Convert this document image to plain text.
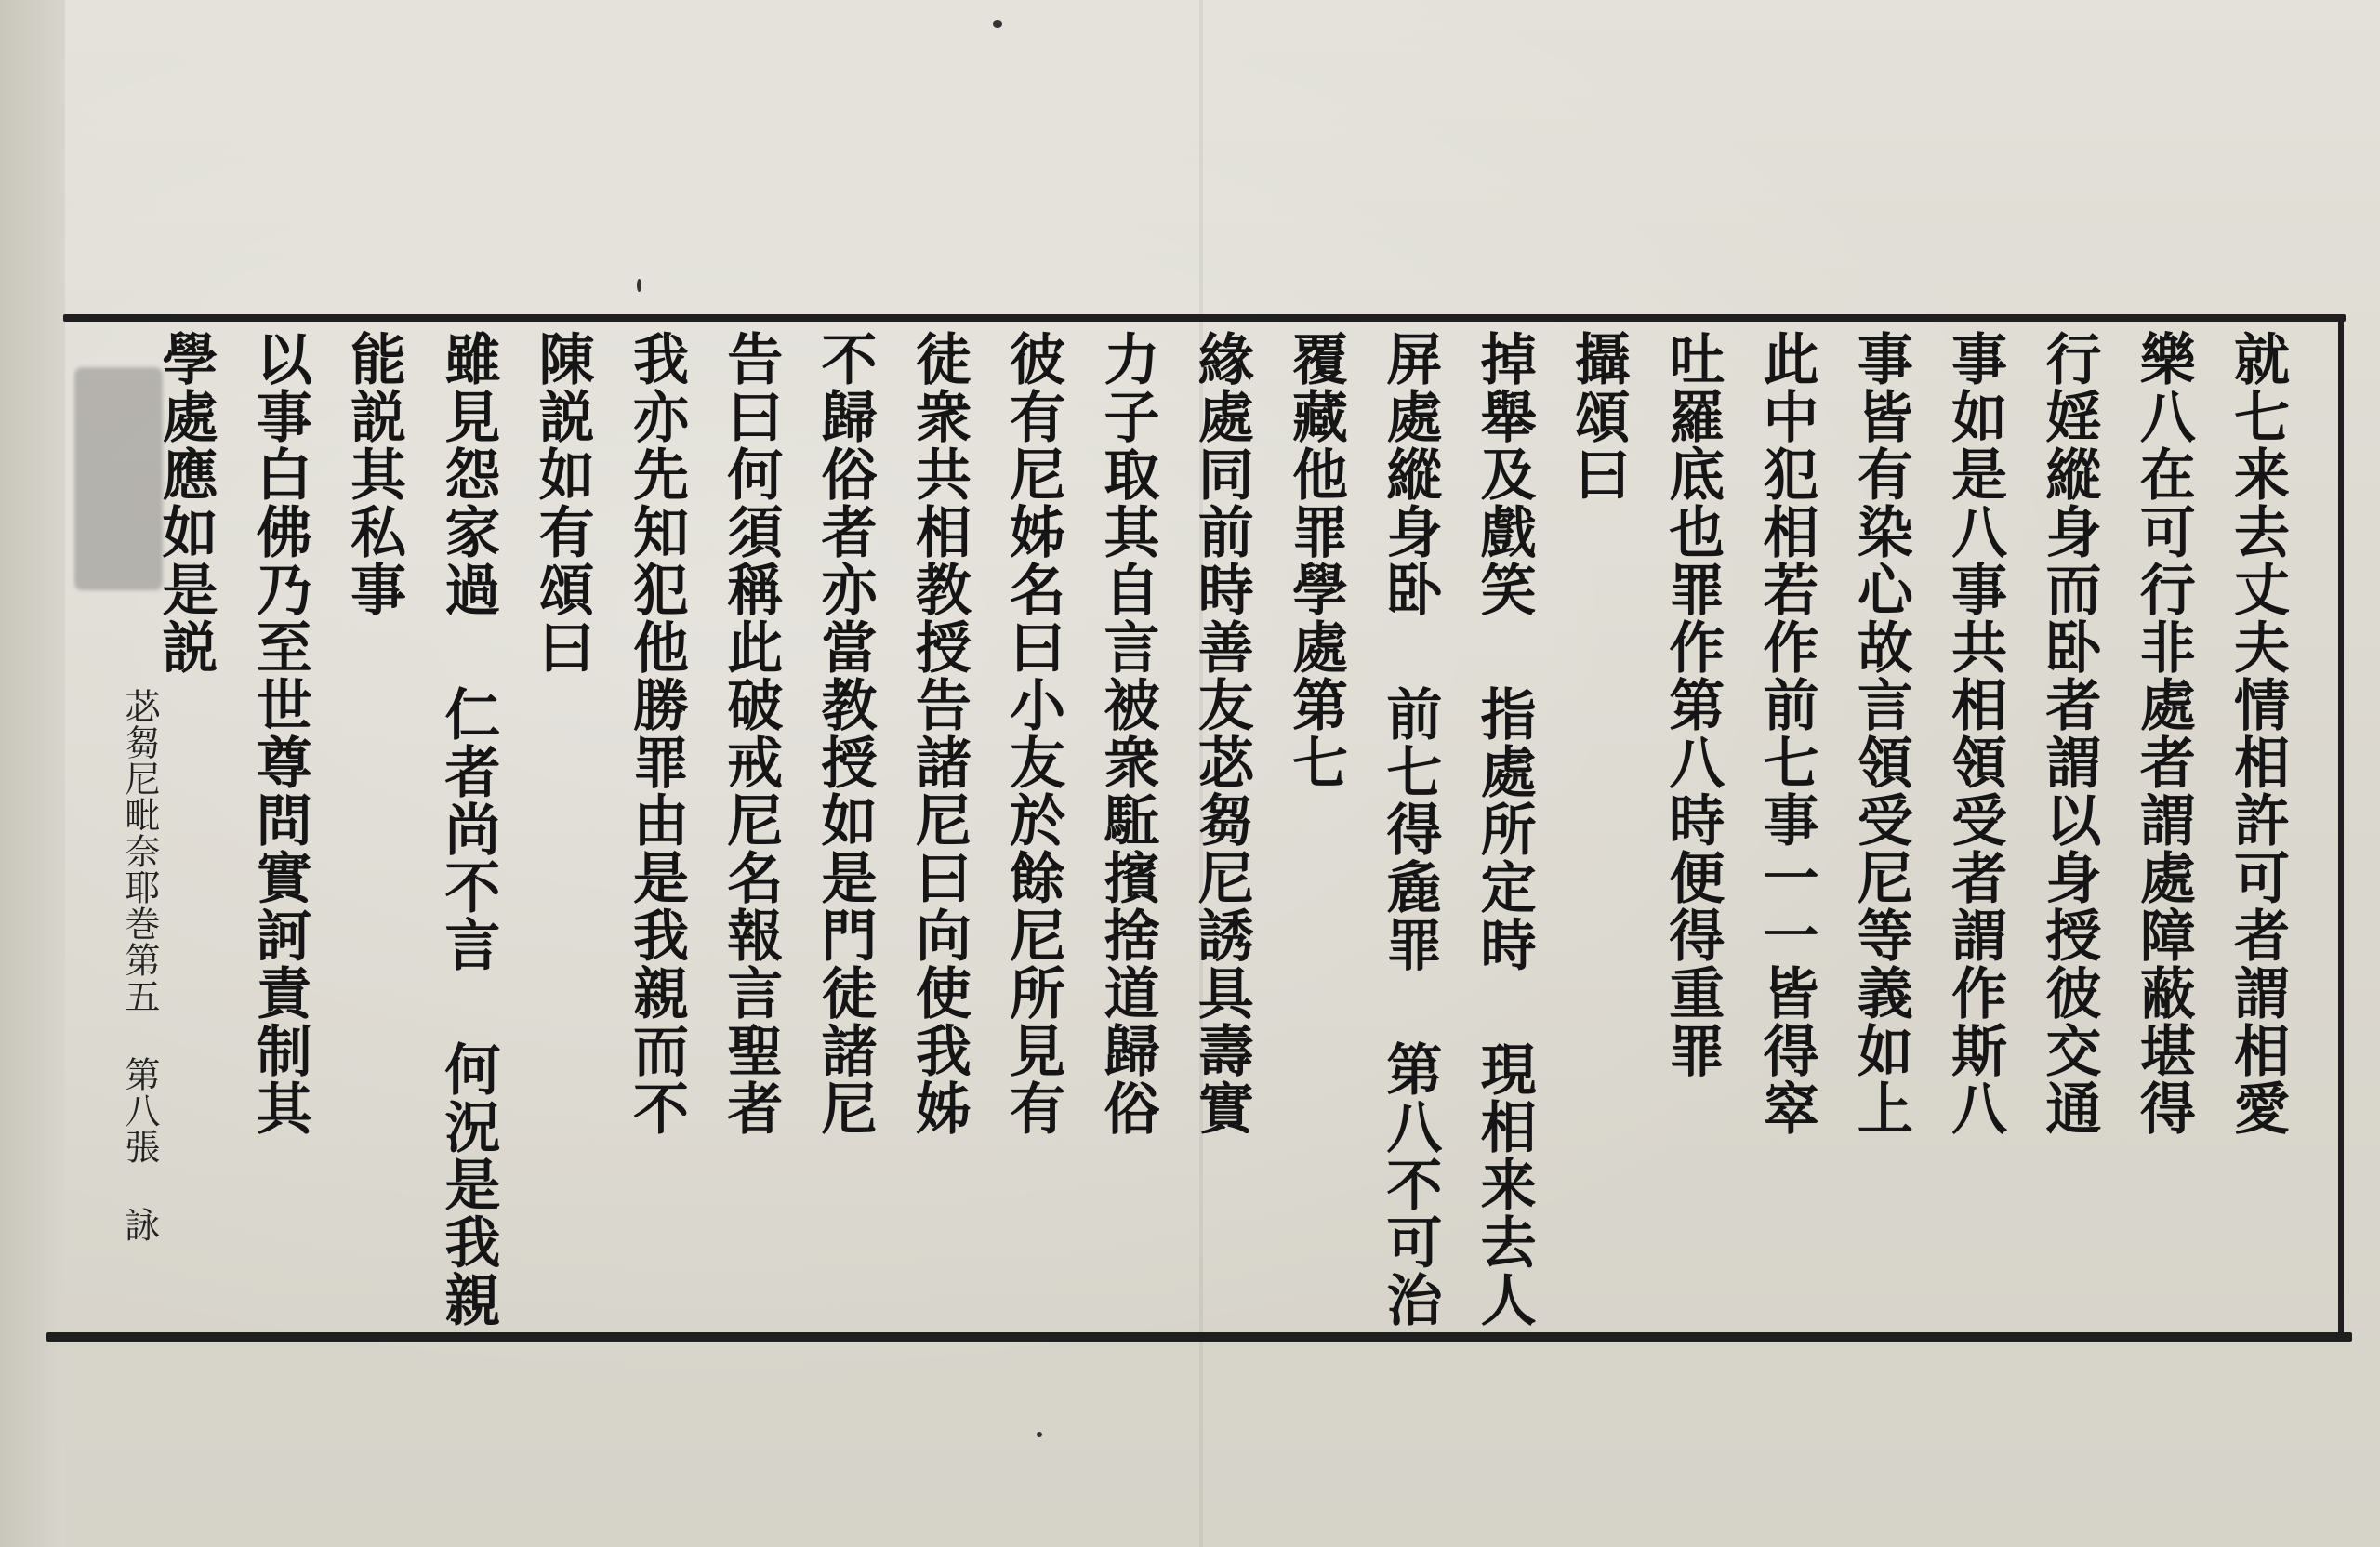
就七来去丈夫情相許可者謂相愛
樂八在可行非處者謂處障蔽堪得
行婬縱身而卧者謂以身授彼交通
事如是八事共相領受者謂作斯八
事皆有染心故言領受尼等義如上
此中犯相若作前七事一一皆得窣
吐羅底也罪作第八時便得重罪
攝頌曰
掉舉及戲笑 指處所定時 現相来去人
屏處縱身卧 前七得麁罪 第八不可治
覆藏他罪學處第七
緣處同前時善友苾芻尼誘具壽實
力子取其自言被衆駈擯捨道歸俗
彼有尼姊名曰小友於餘尼所見有
徒衆共相教授告諸尼曰向使我姊
不歸俗者亦當教授如是門徒諸尼
告曰何須稱此破戒尼名報言聖者
我亦先知犯他勝罪由是我親而不
陳説如有頌曰
雖見怨家過 仁者尚不言 何況是我親
能説其私事
以事白佛乃至世尊問實訶責制其
學處應如是説
苾芻尼毗奈耶巻第五 第八張 詠
